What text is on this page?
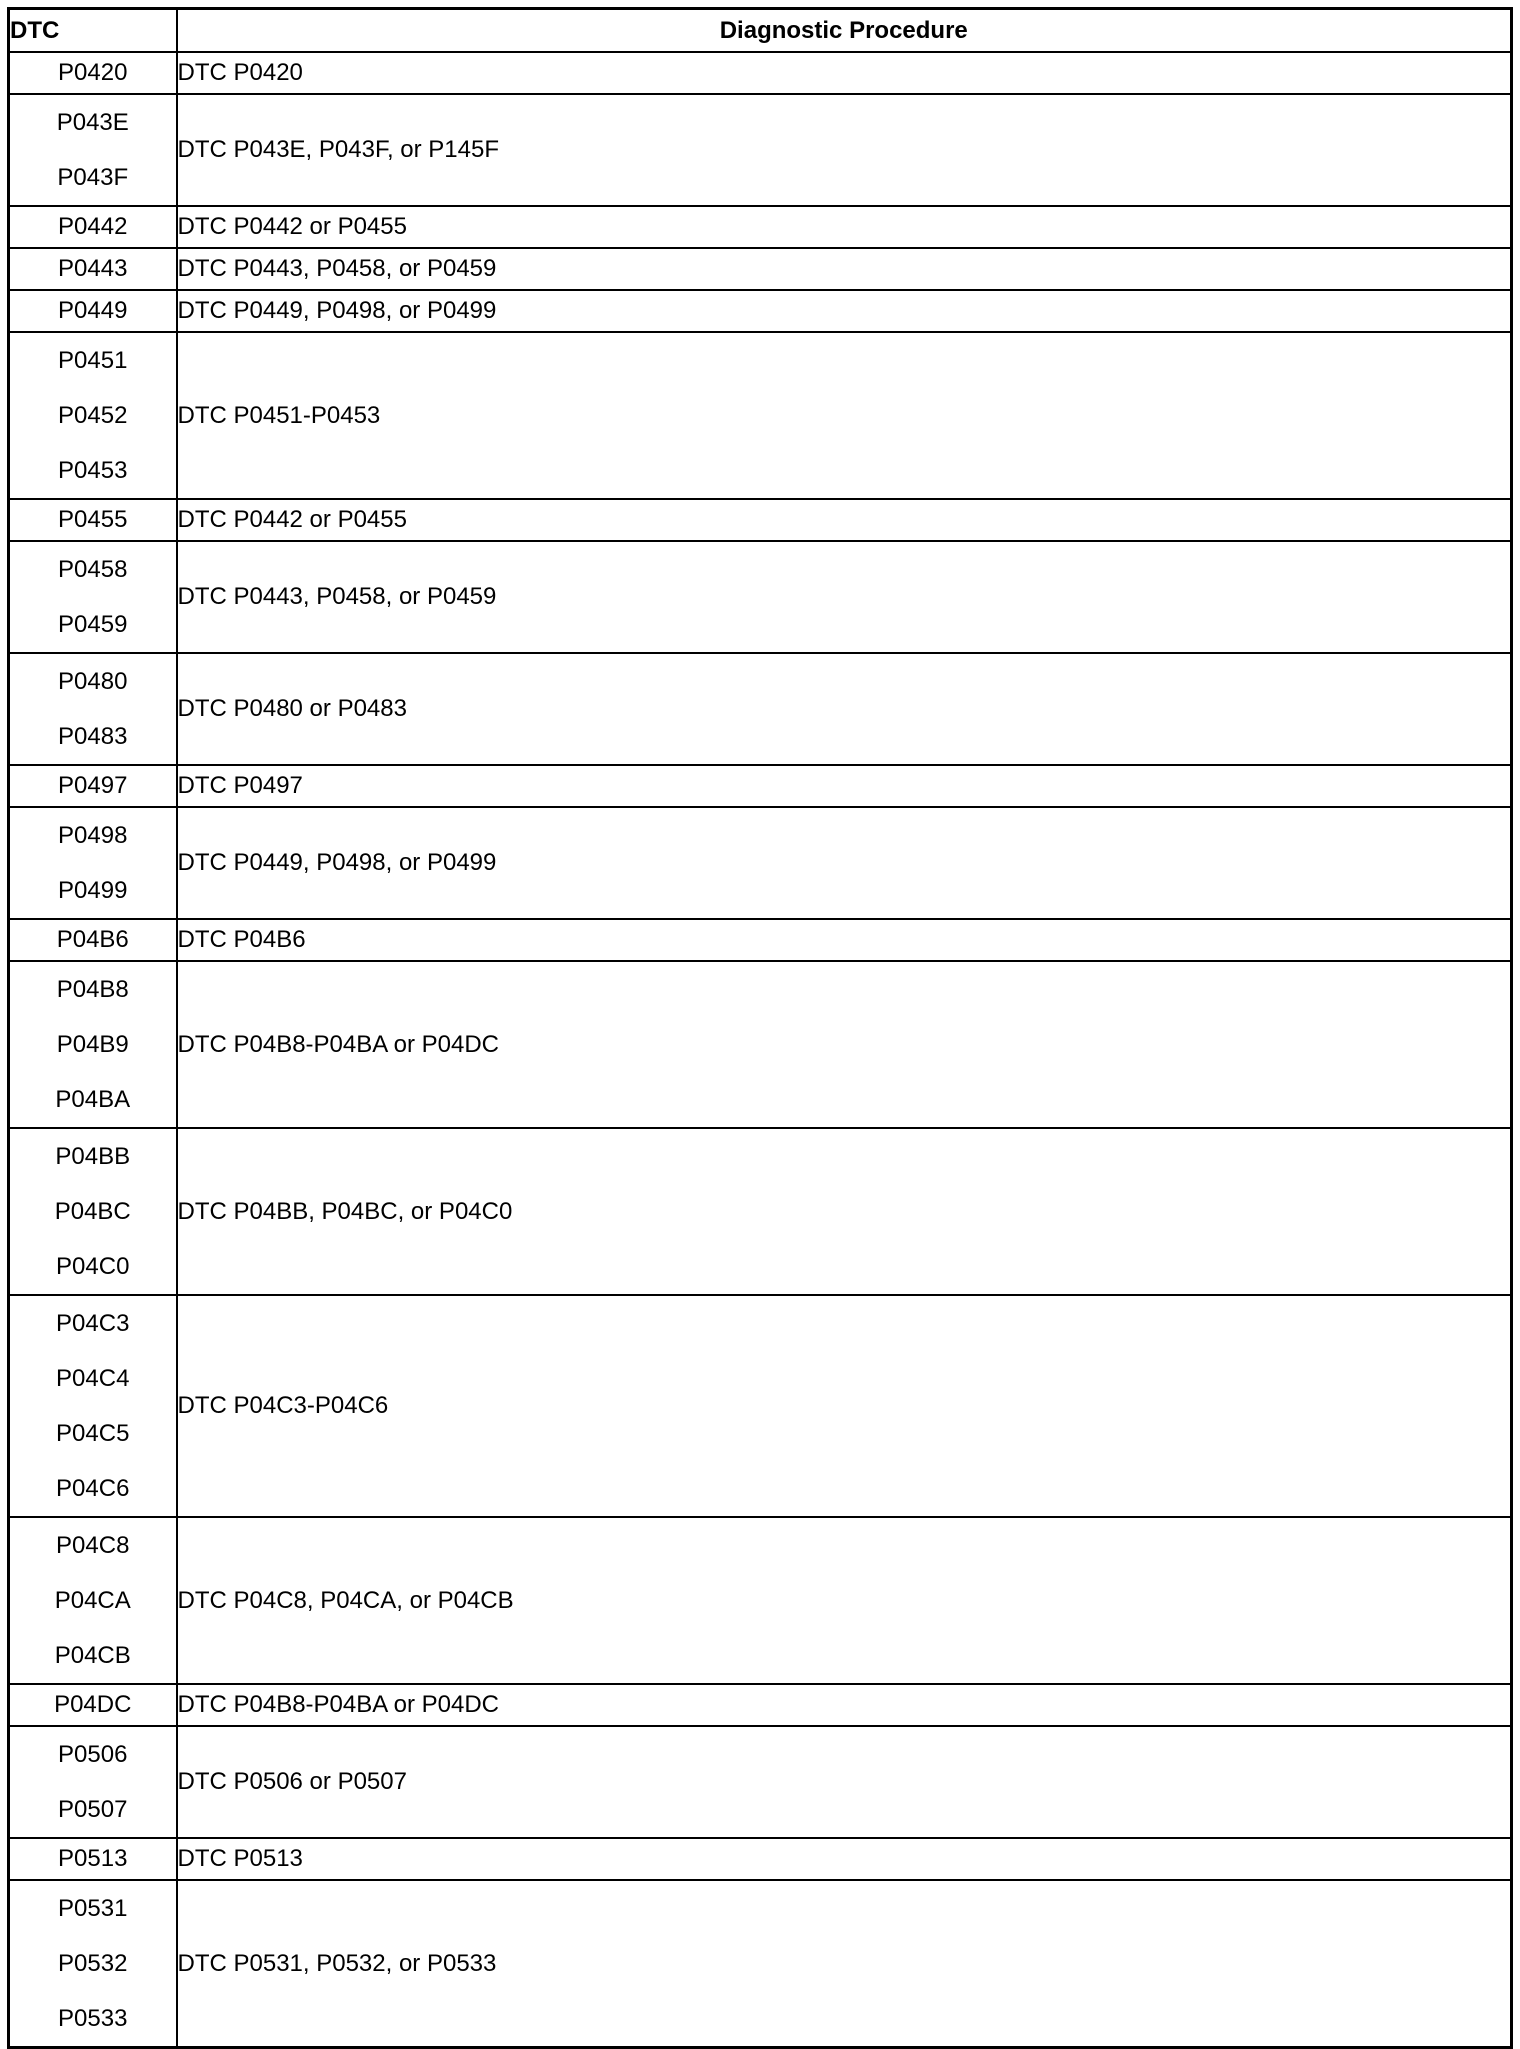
DTC	Diagnostic Procedure

P0420	DTC P0420

P043E
P043F	DTC P043E, P043F, or P145F

P0442	DTC P0442 or P0455

P0443	DTC P0443, P0458, or P0459

P0449	DTC P0449, P0498, or P0499

P0451
P0452
P0453	DTC P0451-P0453

P0455	DTC P0442 or P0455

P0458
P0459	DTC P0443, P0458, or P0459

P0480
P0483	DTC P0480 or P0483

P0497	DTC P0497

P0498
P0499	DTC P0449, P0498, or P0499

P04B6	DTC P04B6

P04B8
P04B9
P04BA	DTC P04B8-P04BA or P04DC

P04BB
P04BC
P04C0	DTC P04BB, P04BC, or P04C0

P04C3
P04C4
P04C5
P04C6	DTC P04C3-P04C6

P04C8
P04CA
P04CB	DTC P04C8, P04CA, or P04CB

P04DC	DTC P04B8-P04BA or P04DC

P0506
P0507	DTC P0506 or P0507

P0513	DTC P0513

P0531
P0532
P0533	DTC P0531, P0532, or P0533
